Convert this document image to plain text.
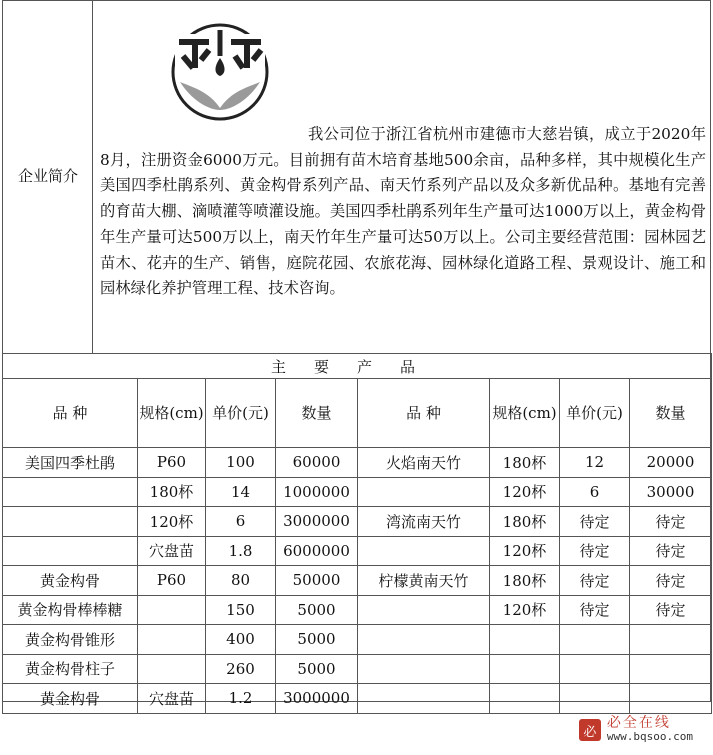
企业简介

我公司位于浙江省杭州市建德市大慈岩镇，成立于2020年8月，注册资金6000万元。目前拥有苗木培育基地500余亩，品种多样，其中规模化生产美国四季杜鹃系列、黄金构骨系列产品、南天竹系列产品以及众多新优品种。基地有完善的育苗大棚、滴喷灌等喷灌设施。美国四季杜鹃系列年生产量可达1000万以上，黄金构骨年生产量可达500万以上，南天竹年生产量可达50万以上。公司主要经营范围：园林园艺苗木、花卉的生产、销售，庭院花园、农旅花海、园林绿化道路工程、景观设计、施工和园林绿化养护管理工程、技术咨询。

主要产品							
品 种	规格(cm)	单价(元)	数量	品 种	规格(cm)	单价(元)	数量
美国四季杜鹃	P60	100	60000	火焰南天竹	180杯	12	20000
	180杯	14	1000000		120杯	6	30000
	120杯	6	3000000	湾流南天竹	180杯	待定	待定
	穴盘苗	1.8	6000000		120杯	待定	待定
黄金构骨	P60	80	50000	柠檬黄南天竹	180杯	待定	待定
黄金构骨棒棒糖		150	5000		120杯	待定	待定
黄金构骨锥形		400	5000				
黄金构骨柱子		260	5000				
黄金构骨	穴盘苗	1.2	3000000				
必
必全在线
www.bqsoo.com
